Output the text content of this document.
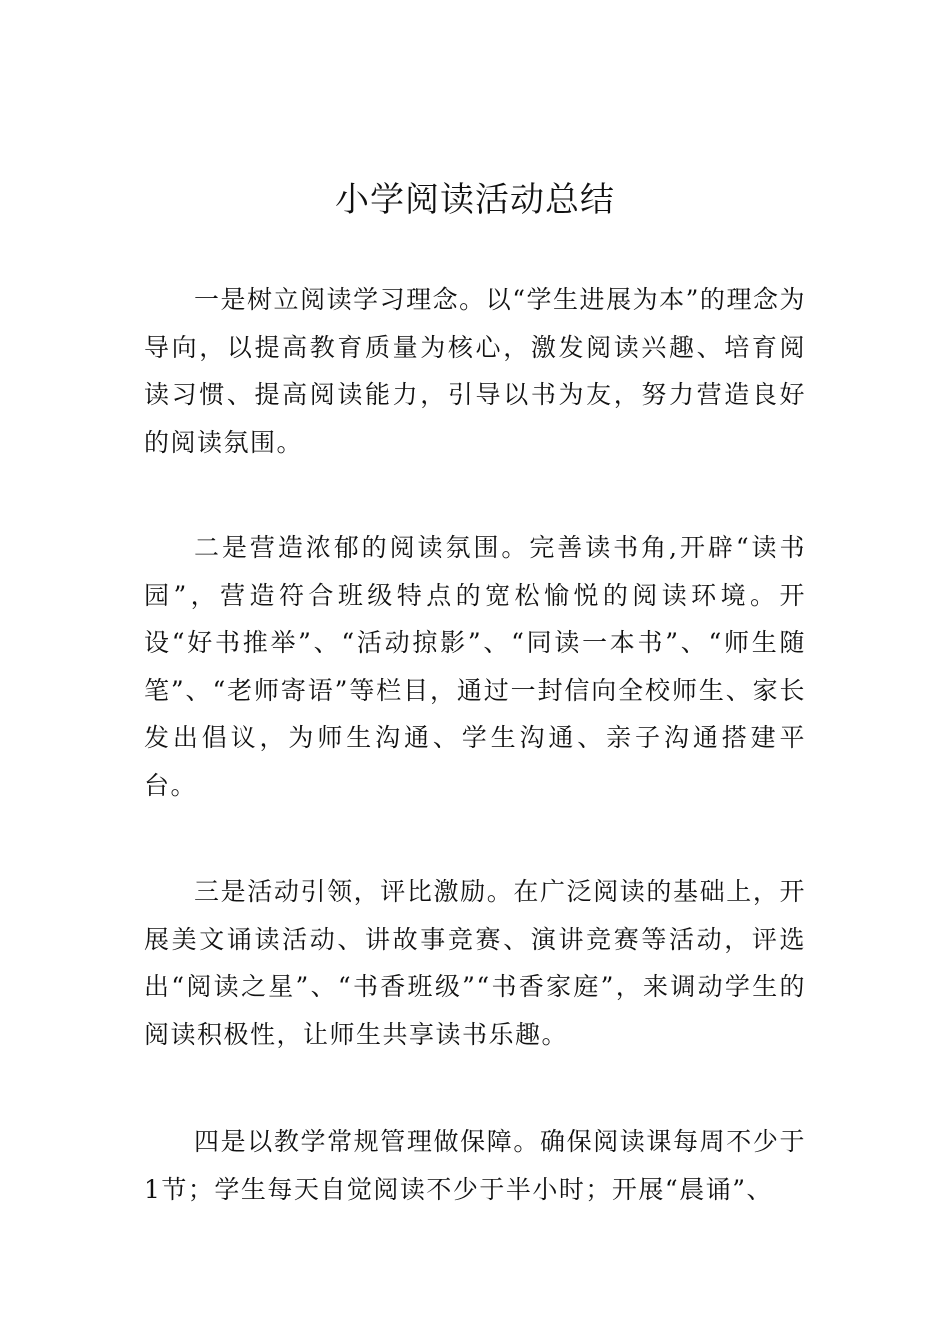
小学阅读活动总结

一是树立阅读学习理念。以“学生进展为本”的理念为导向，以提高教育质量为核心，激发阅读兴趣、培育阅读习惯、提高阅读能力，引导以书为友，努力营造良好的阅读氛围。

二是营造浓郁的阅读氛围。完善读书角,开辟“读书园”，营造符合班级特点的宽松愉悦的阅读环境。开设“好书推举”、“活动掠影”、“同读一本书”、“师生随笔”、“老师寄语”等栏目，通过一封信向全校师生、家长发出倡议，为师生沟通、学生沟通、亲子沟通搭建平台。

三是活动引领，评比激励。在广泛阅读的基础上，开展美文诵读活动、讲故事竞赛、演讲竞赛等活动，评选出“阅读之星”、“书香班级”“书香家庭”，来调动学生的阅读积极性，让师生共享读书乐趣。

四是以教学常规管理做保障。确保阅读课每周不少于1节；学生每天自觉阅读不少于半小时；开展“晨诵”、
